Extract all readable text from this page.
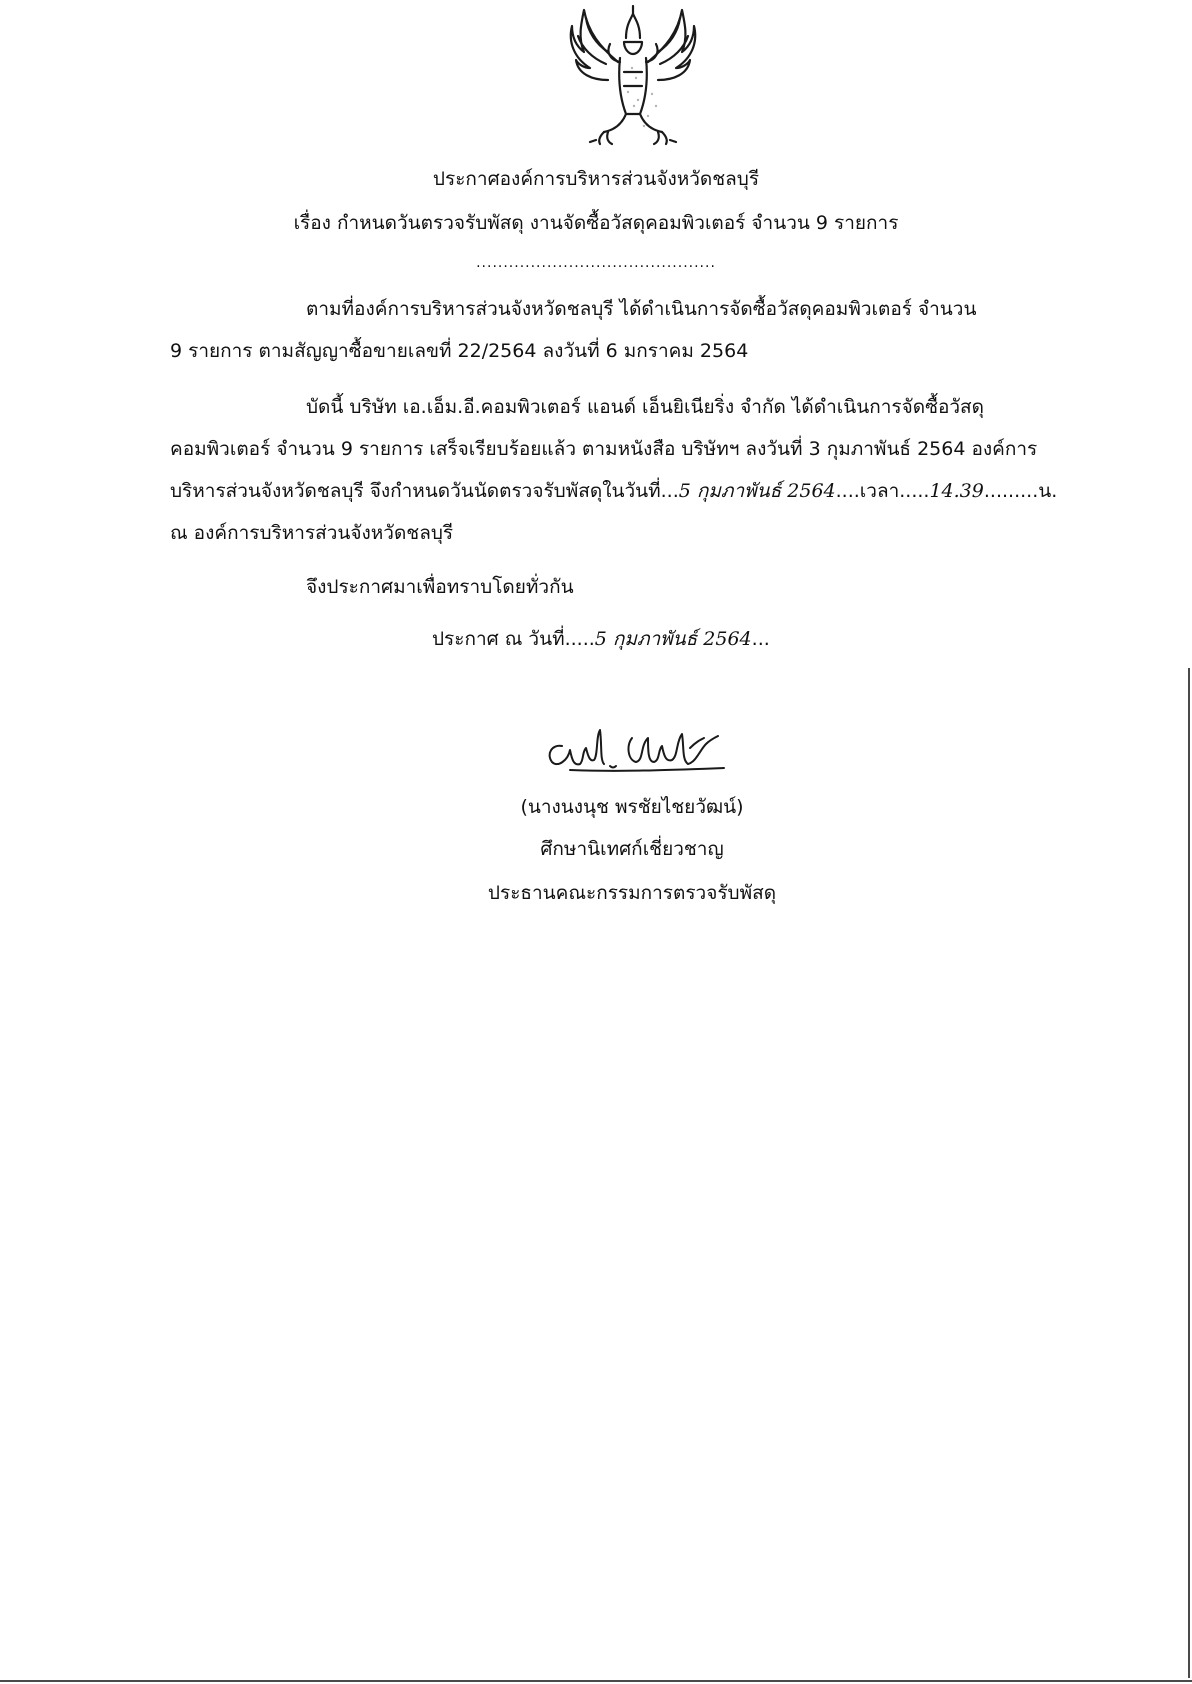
ประกาศองค์การบริหารส่วนจังหวัดชลบุรี
เรื่อง กำหนดวันตรวจรับพัสดุ งานจัดซื้อวัสดุคอมพิวเตอร์ จำนวน 9 รายการ
............................................
ตามที่องค์การบริหารส่วนจังหวัดชลบุรี ได้ดำเนินการจัดซื้อวัสดุคอมพิวเตอร์ จำนวน
9 รายการ ตามสัญญาซื้อขายเลขที่ 22/2564 ลงวันที่ 6 มกราคม 2564
บัดนี้ บริษัท เอ.เอ็ม.อี.คอมพิวเตอร์ แอนด์ เอ็นยิเนียริ่ง จำกัด ได้ดำเนินการจัดซื้อวัสดุ
คอมพิวเตอร์ จำนวน 9 รายการ เสร็จเรียบร้อยแล้ว ตามหนังสือ บริษัทฯ ลงวันที่ 3 กุมภาพันธ์ 2564 องค์การ
บริหารส่วนจังหวัดชลบุรี จึงกำหนดวันนัดตรวจรับพัสดุในวันที่...5 กุมภาพันธ์ 2564....เวลา.....14.39.........น.
ณ องค์การบริหารส่วนจังหวัดชลบุรี
จึงประกาศมาเพื่อทราบโดยทั่วกัน
ประกาศ ณ วันที่.....5 กุมภาพันธ์ 2564...
(นางนงนุช พรชัยไชยวัฒน์)
ศึกษานิเทศก์เชี่ยวชาญ
ประธานคณะกรรมการตรวจรับพัสดุ
